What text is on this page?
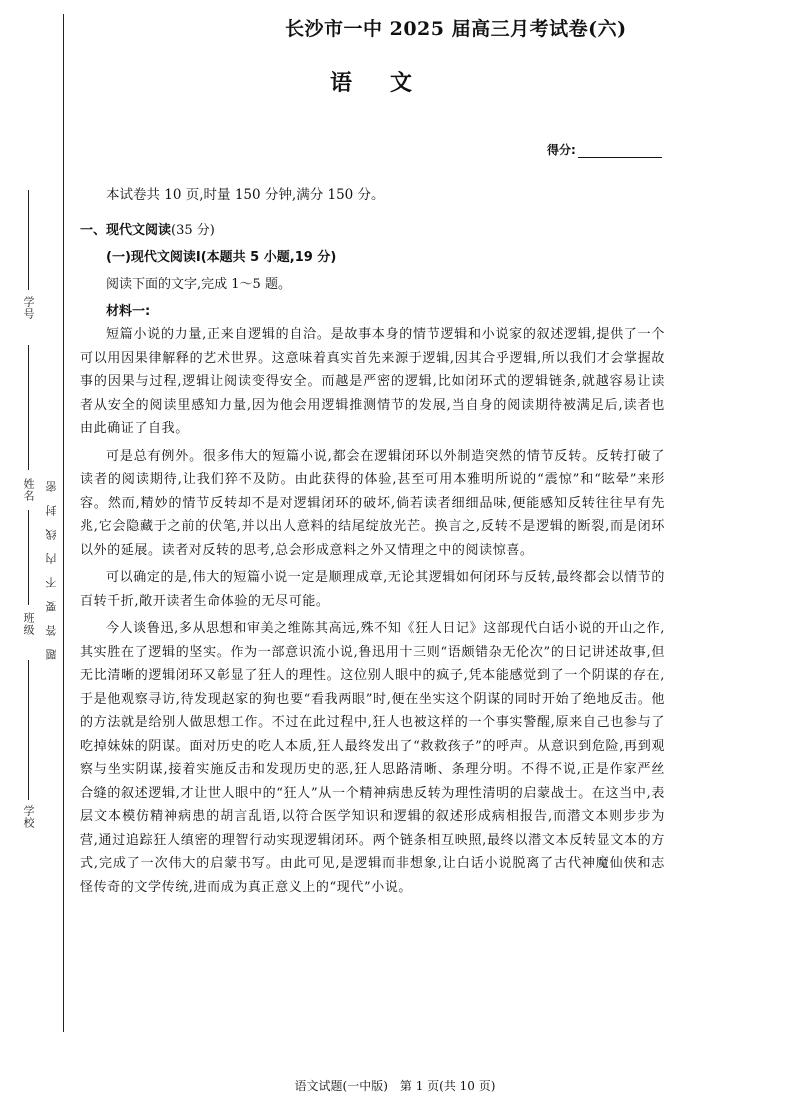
学号
姓名
班级
学校
题答要不内线封密
长沙市一中 2025 届高三月考试卷(六)
语文
得分:
本试卷共 10 页,时量 150 分钟,满分 150 分。
一、现代文阅读(35 分)
(一)现代文阅读Ⅰ(本题共 5 小题,19 分)
阅读下面的文字,完成 1～5 题。
材料一:

短篇小说的力量,正来自逻辑的自洽。是故事本身的情节逻辑和小说家的叙述逻辑,提供了一个可以用因果律解释的艺术世界。这意味着真实首先来源于逻辑,因其合乎逻辑,所以我们才会掌握故事的因果与过程,逻辑让阅读变得安全。而越是严密的逻辑,比如闭环式的逻辑链条,就越容易让读者从安全的阅读里感知力量,因为他会用逻辑推测情节的发展,当自身的阅读期待被满足后,读者也由此确证了自我。

可是总有例外。很多伟大的短篇小说,都会在逻辑闭环以外制造突然的情节反转。反转打破了读者的阅读期待,让我们猝不及防。由此获得的体验,甚至可用本雅明所说的“震惊”和“眩晕”来形容。然而,精妙的情节反转却不是对逻辑闭环的破坏,倘若读者细细品味,便能感知反转往往早有先兆,它会隐藏于之前的伏笔,并以出人意料的结尾绽放光芒。换言之,反转不是逻辑的断裂,而是闭环以外的延展。读者对反转的思考,总会形成意料之外又情理之中的阅读惊喜。

可以确定的是,伟大的短篇小说一定是顺理成章,无论其逻辑如何闭环与反转,最终都会以情节的百转千折,敞开读者生命体验的无尽可能。

今人谈鲁迅,多从思想和审美之维陈其高远,殊不知《狂人日记》这部现代白话小说的开山之作,其实胜在了逻辑的坚实。作为一部意识流小说,鲁迅用十三则“语颇错杂无伦次”的日记讲述故事,但无比清晰的逻辑闭环又彰显了狂人的理性。这位别人眼中的疯子,凭本能感觉到了一个阴谋的存在,于是他观察寻访,待发现赵家的狗也要“看我两眼”时,便在坐实这个阴谋的同时开始了绝地反击。他的方法就是给别人做思想工作。不过在此过程中,狂人也被这样的一个事实警醒,原来自己也参与了吃掉妹妹的阴谋。面对历史的吃人本质,狂人最终发出了“救救孩子”的呼声。从意识到危险,再到观察与坐实阴谋,接着实施反击和发现历史的恶,狂人思路清晰、条理分明。不得不说,正是作家严丝合缝的叙述逻辑,才让世人眼中的“狂人”从一个精神病患反转为理性清明的启蒙战士。在这当中,表层文本模仿精神病患的胡言乱语,以符合医学知识和逻辑的叙述形成病相报告,而潜文本则步步为营,通过追踪狂人缜密的理智行动实现逻辑闭环。两个链条相互映照,最终以潜文本反转显文本的方式,完成了一次伟大的启蒙书写。由此可见,是逻辑而非想象,让白话小说脱离了古代神魔仙侠和志怪传奇的文学传统,进而成为真正意义上的“现代”小说。

语文试题(一中版)　第 1 页(共 10 页)
